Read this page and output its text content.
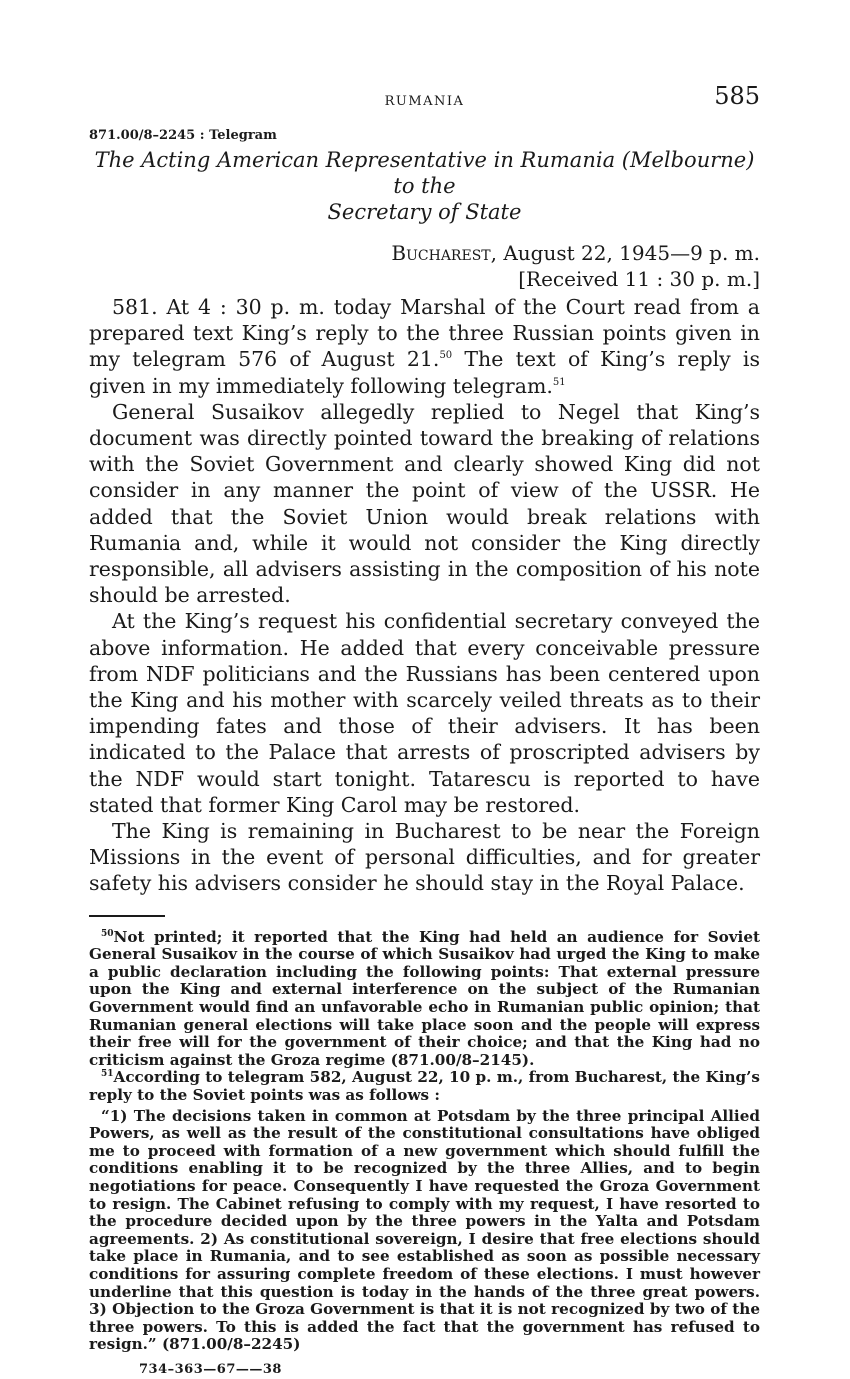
RUMANIA	585
871.00/8–2245 : Telegram
The Acting American Representative in Rumania (Melbourne) to the
Secretary of State
Bucharest, August 22, 1945—9 p. m.
[Received 11 : 30 p. m.]

581. At 4 : 30 p. m. today Marshal of the Court read from a prepared text King’s reply to the three Russian points given in my telegram 576 of August 21.50 The text of King’s reply is given in my immediately following telegram.$^{51}$

General Susaikov allegedly replied to Negel that King’s document was directly pointed toward the breaking of relations with the Soviet Government and clearly showed King did not consider in any manner the point of view of the USSR. He added that the Soviet Union would break relations with Rumania and, while it would not consider the King directly responsible, all advisers assisting in the composition of his note should be arrested.

At the King’s request his confidential secretary conveyed the above information. He added that every conceivable pressure from NDF politicians and the Russians has been centered upon the King and his mother with scarcely veiled threats as to their impending fates and those of their advisers. It has been indicated to the Palace that arrests of proscripted advisers by the NDF would start tonight. Tatarescu is reported to have stated that former King Carol may be restored.

The King is remaining in Bucharest to be near the Foreign Missions in the event of personal difficulties, and for greater safety his advisers consider he should stay in the Royal Palace.

$^{50}$Not printed; it reported that the King had held an audience for Soviet General Susaikov in the course of which Susaikov had urged the King to make a public declaration including the following points: That external pressure upon the King and external interference on the subject of the Rumanian Government would find an unfavorable echo in Rumanian public opinion; that Rumanian general elections will take place soon and the people will express their free will for the government of their choice; and that the King had no criticism against the Groza regime (871.00/8–2145).

$^{51}$According to telegram 582, August 22, 10 p. m., from Bucharest, the King’s reply to the Soviet points was as follows :

“1) The decisions taken in common at Potsdam by the three principal Allied Powers, as well as the result of the constitutional consultations have obliged me to proceed with formation of a new government which should fulfill the conditions enabling it to be recognized by the three Allies, and to begin negotiations for peace. Consequently I have requested the Groza Government to resign. The Cabinet refusing to comply with my request, I have resorted to the procedure decided upon by the three powers in the Yalta and Potsdam agreements. 2) As constitutional sovereign, I desire that free elections should take place in Rumania, and to see established as soon as possible necessary conditions for assuring complete freedom of these elections. I must however underline that this question is today in the hands of the three great powers. 3) Objection to the Groza Government is that it is not recognized by two of the three powers. To this is added the fact that the government has refused to resign.” (871.00/8–2245)

734–363—67——38
